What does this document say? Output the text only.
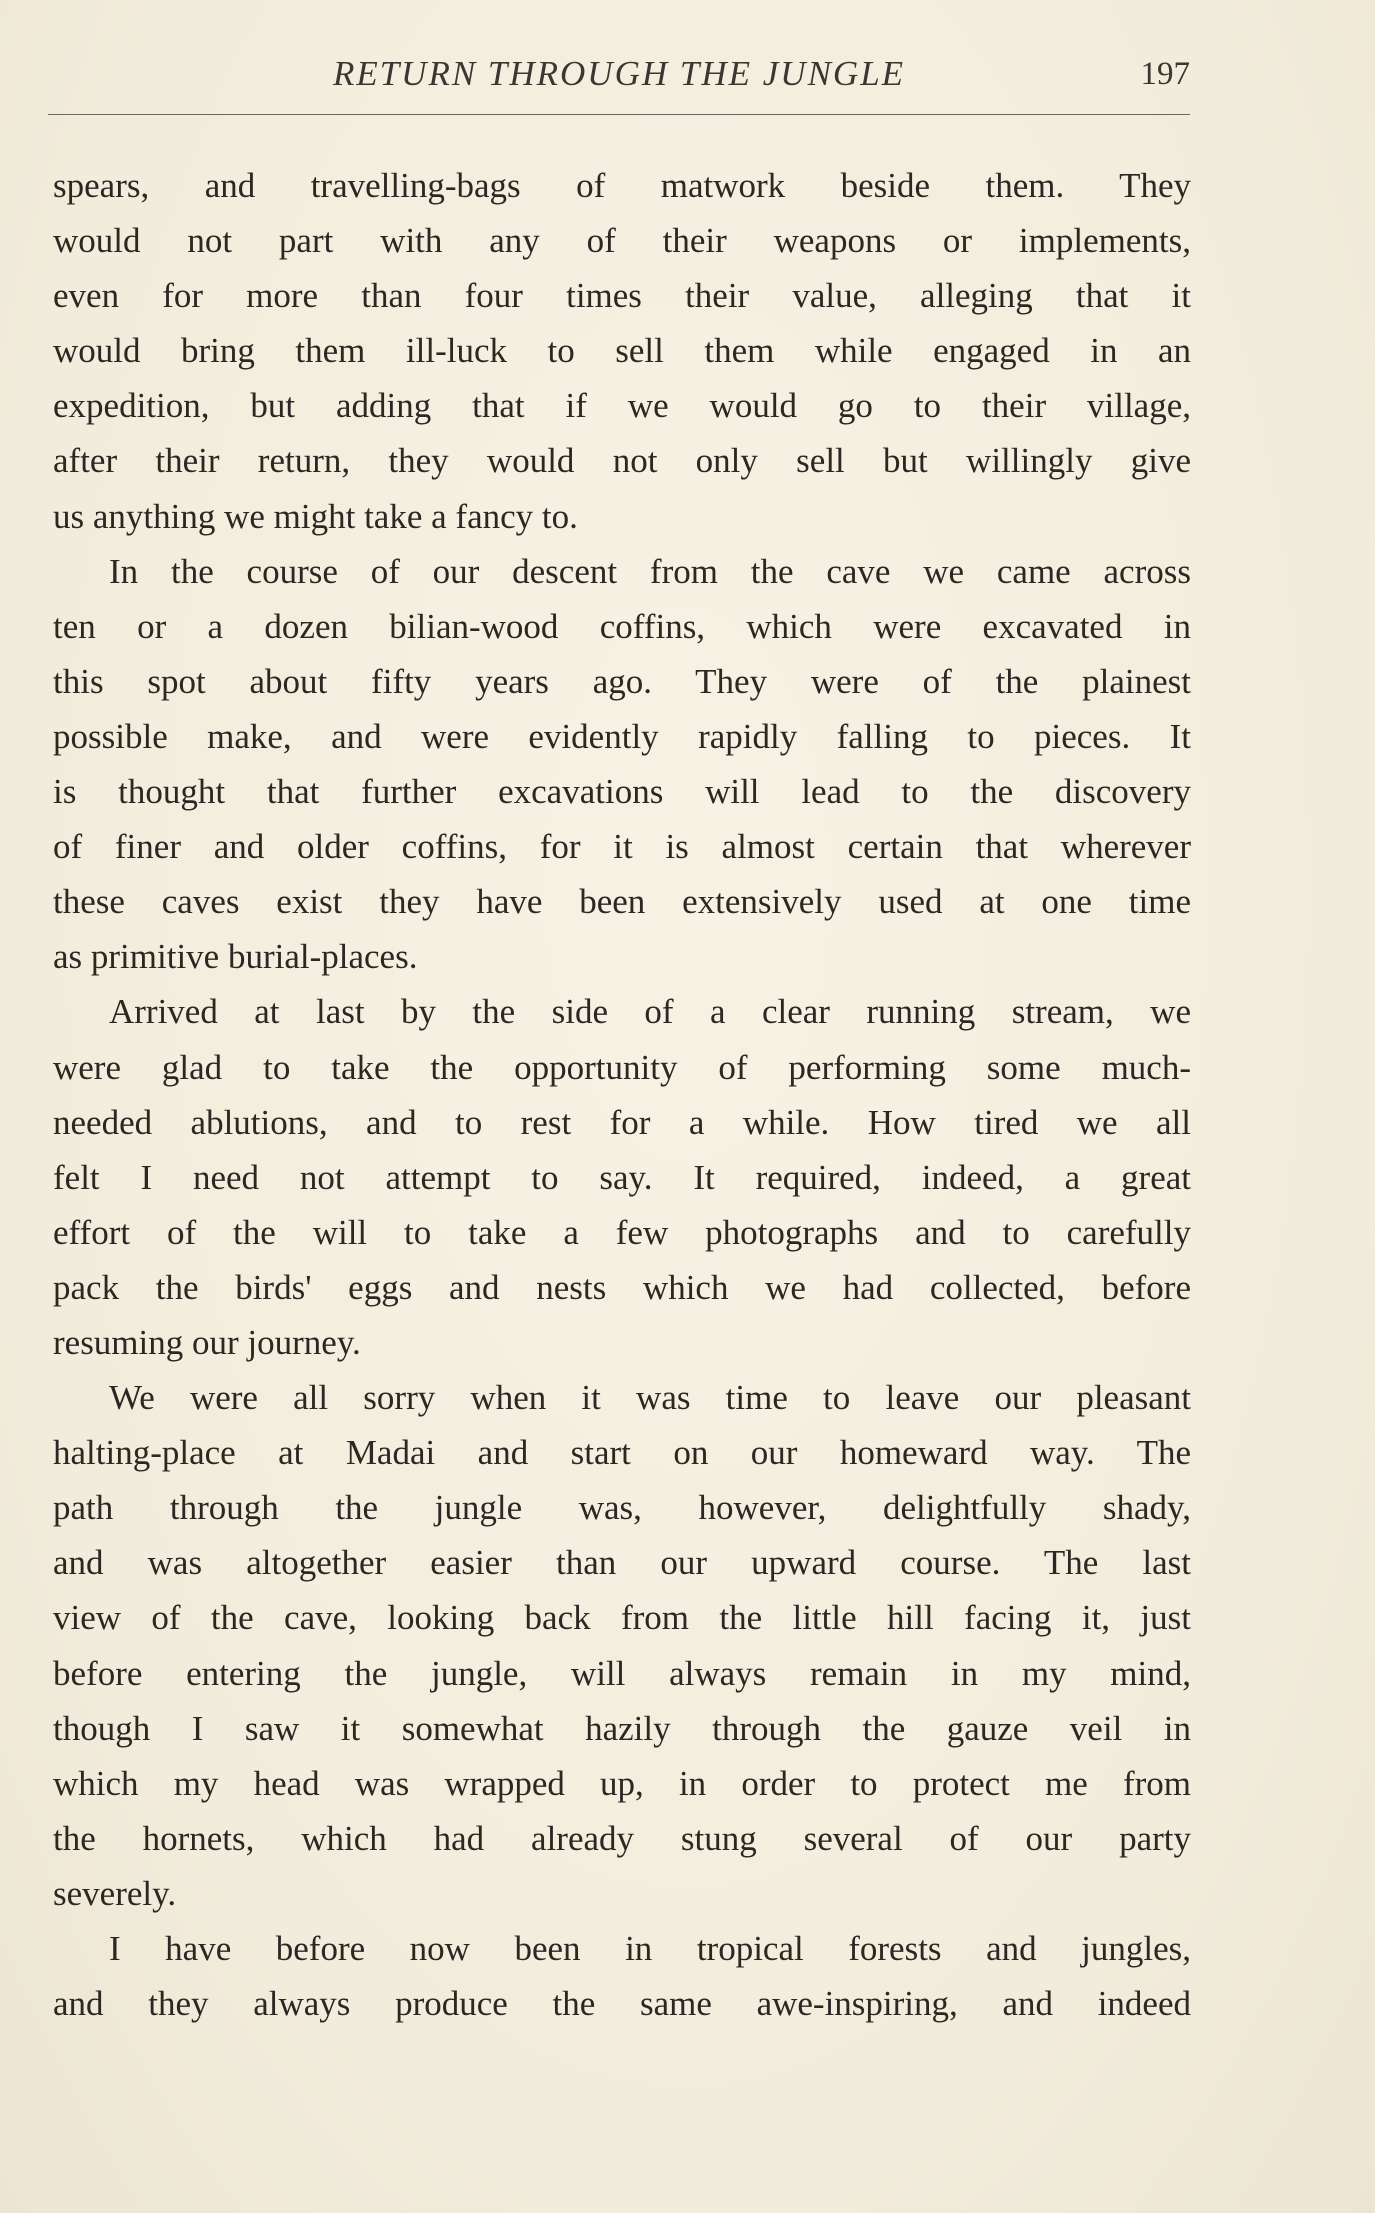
RETURN THROUGH THE JUNGLE	197
spears, and travelling-bags of matwork beside them. They
would not part with any of their weapons or implements,
even for more than four times their value, alleging that it
would bring them ill-luck to sell them while engaged in an
expedition, but adding that if we would go to their village,
after their return, they would not only sell but willingly give
us anything we might take a fancy to.
In the course of our descent from the cave we came across
ten or a dozen bilian-wood coffins, which were excavated in
this spot about fifty years ago. They were of the plainest
possible make, and were evidently rapidly falling to pieces. It
is thought that further excavations will lead to the discovery
of finer and older coffins, for it is almost certain that wherever
these caves exist they have been extensively used at one time
as primitive burial-places.
Arrived at last by the side of a clear running stream, we
were glad to take the opportunity of performing some much-
needed ablutions, and to rest for a while. How tired we all
felt I need not attempt to say. It required, indeed, a great
effort of the will to take a few photographs and to carefully
pack the birds' eggs and nests which we had collected, before
resuming our journey.
We were all sorry when it was time to leave our pleasant
halting-place at Madai and start on our homeward way. The
path through the jungle was, however, delightfully shady,
and was altogether easier than our upward course. The last
view of the cave, looking back from the little hill facing it, just
before entering the jungle, will always remain in my mind,
though I saw it somewhat hazily through the gauze veil in
which my head was wrapped up, in order to protect me from
the hornets, which had already stung several of our party
severely.
I have before now been in tropical forests and jungles,
and they always produce the same awe-inspiring, and indeed
